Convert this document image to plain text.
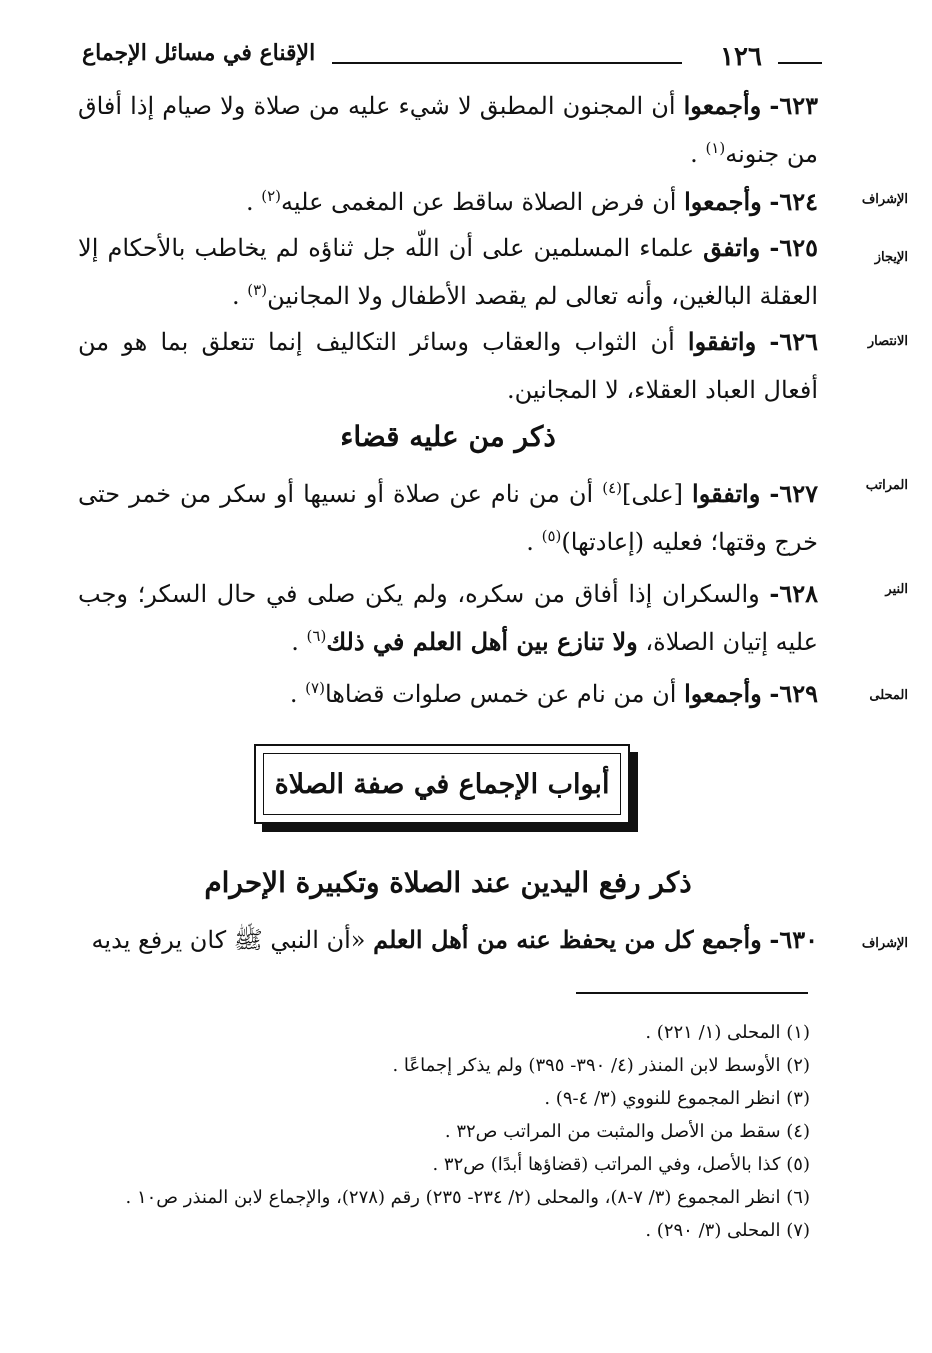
١٢٦
الإقناع في مسائل الإجماع

٦٢٣- وأجمعوا أن المجنون المطبق لا شيء عليه من صلاة ولا صيام إذا أفاق من جنونه$^{(١)}$ .

الإشراف

٦٢٤- وأجمعوا أن فرض الصلاة ساقط عن المغمى عليه$^{(٢)}$ .

الإيجاز

٦٢٥- واتفق علماء المسلمين على أن اللّه جل ثناؤه لم يخاطب بالأحكام إلا العقلة البالغين، وأنه تعالى لم يقصد الأطفال ولا المجانين$^{(٣)}$ .

الانتصار

٦٢٦- واتفقوا أن الثواب والعقاب وسائر التكاليف إنما تتعلق بما هو من أفعال العباد العقلاء، لا المجانين.

ذكر من عليه قضاء
المراتب

٦٢٧- واتفقوا [على]$^{(٤)}$ أن من نام عن صلاة أو نسيها أو سكر من خمر حتى خرج وقتها؛ فعليه (إعادتها)$^{(٥)}$ .

النير

٦٢٨- والسكران إذا أفاق من سكره، ولم يكن صلى في حال السكر؛ وجب عليه إتيان الصلاة، ولا تنازع بين أهل العلم في ذلك$^{(٦)}$ .

المحلى

٦٢٩- وأجمعوا أن من نام عن خمس صلوات قضاها$^{(٧)}$ .

أبواب الإجماع في صفة الصلاة
ذكر رفع اليدين عند الصلاة وتكبيرة الإحرام
الإشراف

٦٣٠- وأجمع كل من يحفظ عنه من أهل العلم «أن النبي ﷺ كان يرفع يديه

(١) المحلى (١/ ٢٢١) .
(٢) الأوسط لابن المنذر (٤/ ٣٩٠- ٣٩٥) ولم يذكر إجماعًا .
(٣) انظر المجموع للنووي (٣/ ٤-٩) .
(٤) سقط من الأصل والمثبت من المراتب ص٣٢ .
(٥) كذا بالأصل، وفي المراتب (قضاؤها أبدًا) ص٣٢ .
(٦) انظر المجموع (٣/ ٧-٨)، والمحلى (٢/ ٢٣٤- ٢٣٥) رقم (٢٧٨)، والإجماع لابن المنذر ص١٠ .
(٧) المحلى (٣/ ٢٩٠) .
